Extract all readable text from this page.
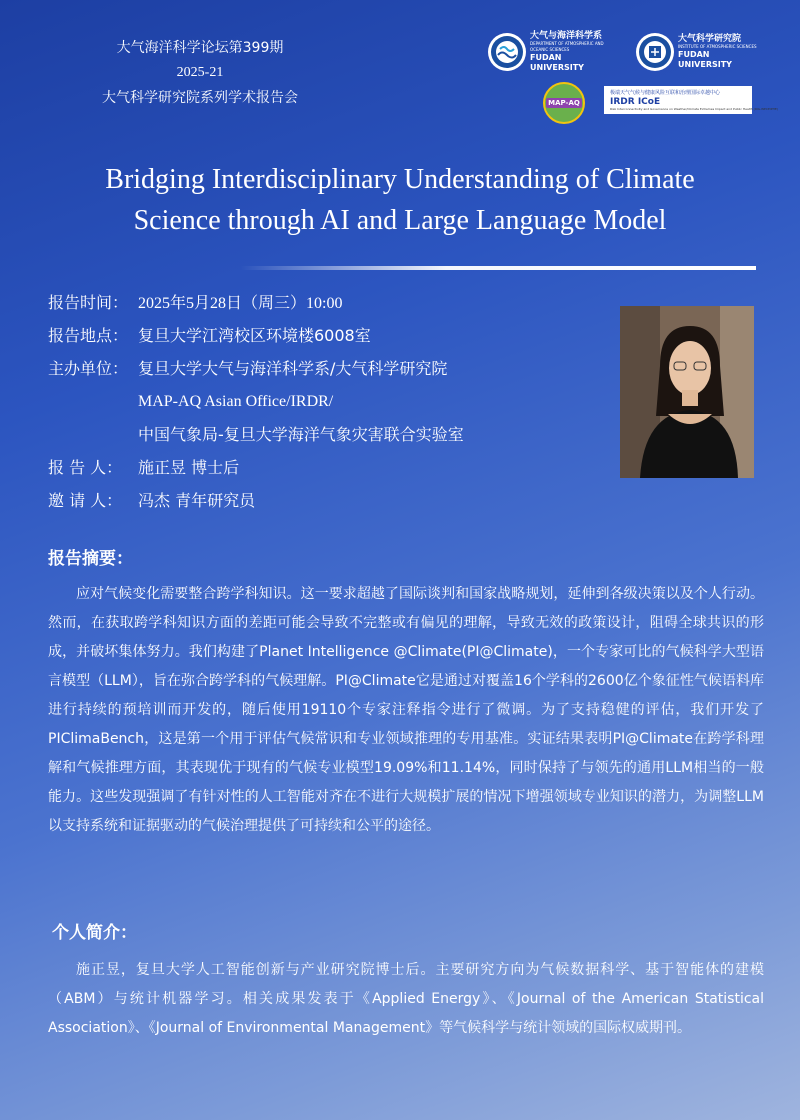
大气海洋科学论坛第399期
2025-21
大气科学研究院系列学术报告会
大气与海洋科学系
DEPARTMENT OF ATMOSPHERIC AND OCEANIC SCIENCES
FUDAN UNIVERSITY
大气科学研究院
INSTITUTE OF ATMOSPHERIC SCIENCES
FUDAN UNIVERSITY
MAP-AQ
极端天气气候与健康风险互联和治理国际卓越中心
IRDR ICoE
Risk Interconnectivity and Governance on Weather/Climate Extremes Impact and Public Health (RIG-WECEIPHE)
Bridging Interdisciplinary Understanding of Climate
Science through AI and Large Language Model
报告时间： 2025年5月28日（周三）10:00
报告地点： 复旦大学江湾校区环境楼6008室
主办单位： 复旦大学大气与海洋科学系/大气科学研究院
MAP-AQ Asian Office/IRDR/
中国气象局-复旦大学海洋气象灾害联合实验室
报 告 人： 施正昱 博士后
邀 请 人： 冯杰 青年研究员
报告摘要：
应对气候变化需要整合跨学科知识。这一要求超越了国际谈判和国家战略规划，延伸到各级决策以及个人行动。然而，在获取跨学科知识方面的差距可能会导致不完整或有偏见的理解，导致无效的政策设计，阻碍全球共识的形成，并破坏集体努力。我们构建了Planet Intelligence @Climate(PI@Climate)，一个专家可比的气候科学大型语言模型（LLM），旨在弥合跨学科的气候理解。PI@Climate它是通过对覆盖16个学科的2600亿个象征性气候语料库进行持续的预培训而开发的，随后使用19110个专家注释指令进行了微调。为了支持稳健的评估，我们开发了PIClimaBench，这是第一个用于评估气候常识和专业领域推理的专用基准。实证结果表明PI@Climate在跨学科理解和气候推理方面，其表现优于现有的气候专业模型19.09%和11.14%，同时保持了与领先的通用LLM相当的一般能力。这些发现强调了有针对性的人工智能对齐在不进行大规模扩展的情况下增强领域专业知识的潜力，为调整LLM以支持系统和证据驱动的气候治理提供了可持续和公平的途径。
个人简介：
施正昱，复旦大学人工智能创新与产业研究院博士后。主要研究方向为气候数据科学、基于智能体的建模（ABM）与统计机器学习。相关成果发表于《Applied Energy》、《Journal of the American Statistical Association》、《Journal of Environmental Management》等气候科学与统计领域的国际权威期刊。
